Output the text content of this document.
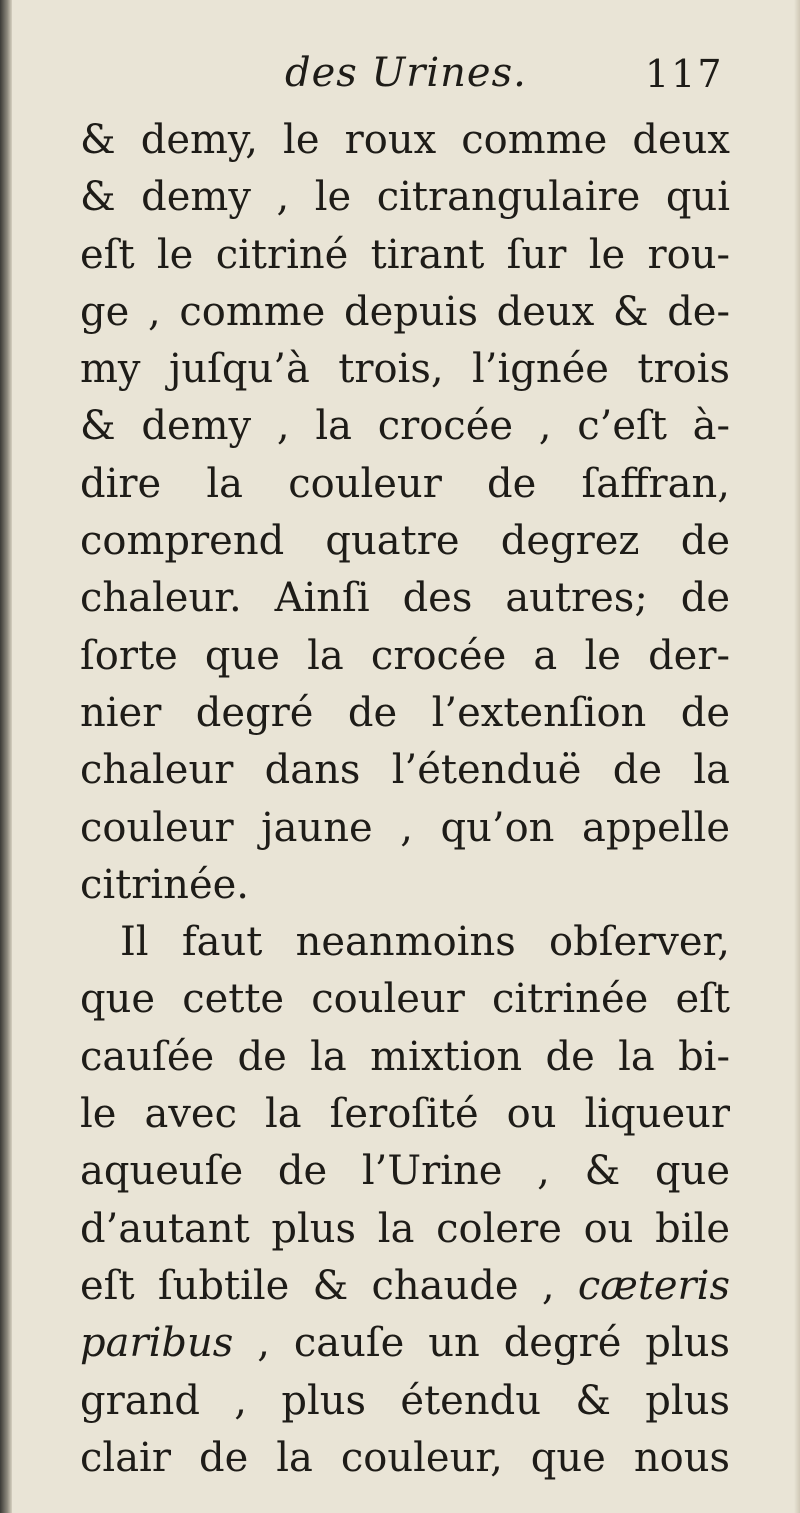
des Urines.	117
& demy, le roux comme deux
& demy , le citrangulaire qui
eſt le citriné tirant ſur le rou-
ge , comme depuis deux & de-
my juſqu’à trois, l’ignée trois
& demy , la crocée , c’eſt à-
dire la couleur de ſaffran,
comprend quatre degrez de
chaleur. Ainſi des autres; de
ſorte que la crocée a le der-
nier degré de l’extenſion de
chaleur dans l’étenduë de la
couleur jaune , qu’on appelle
citrinée.
Il faut neanmoins obſerver,
que cette couleur citrinée eſt
cauſée de la mixtion de la bi-
le avec la ſeroſité ou liqueur
aqueuſe de l’Urine , & que
d’autant plus la colere ou bile
eſt ſubtile & chaude , cæteris
paribus , cauſe un degré plus
grand , plus étendu & plus
clair de la couleur, que nous
